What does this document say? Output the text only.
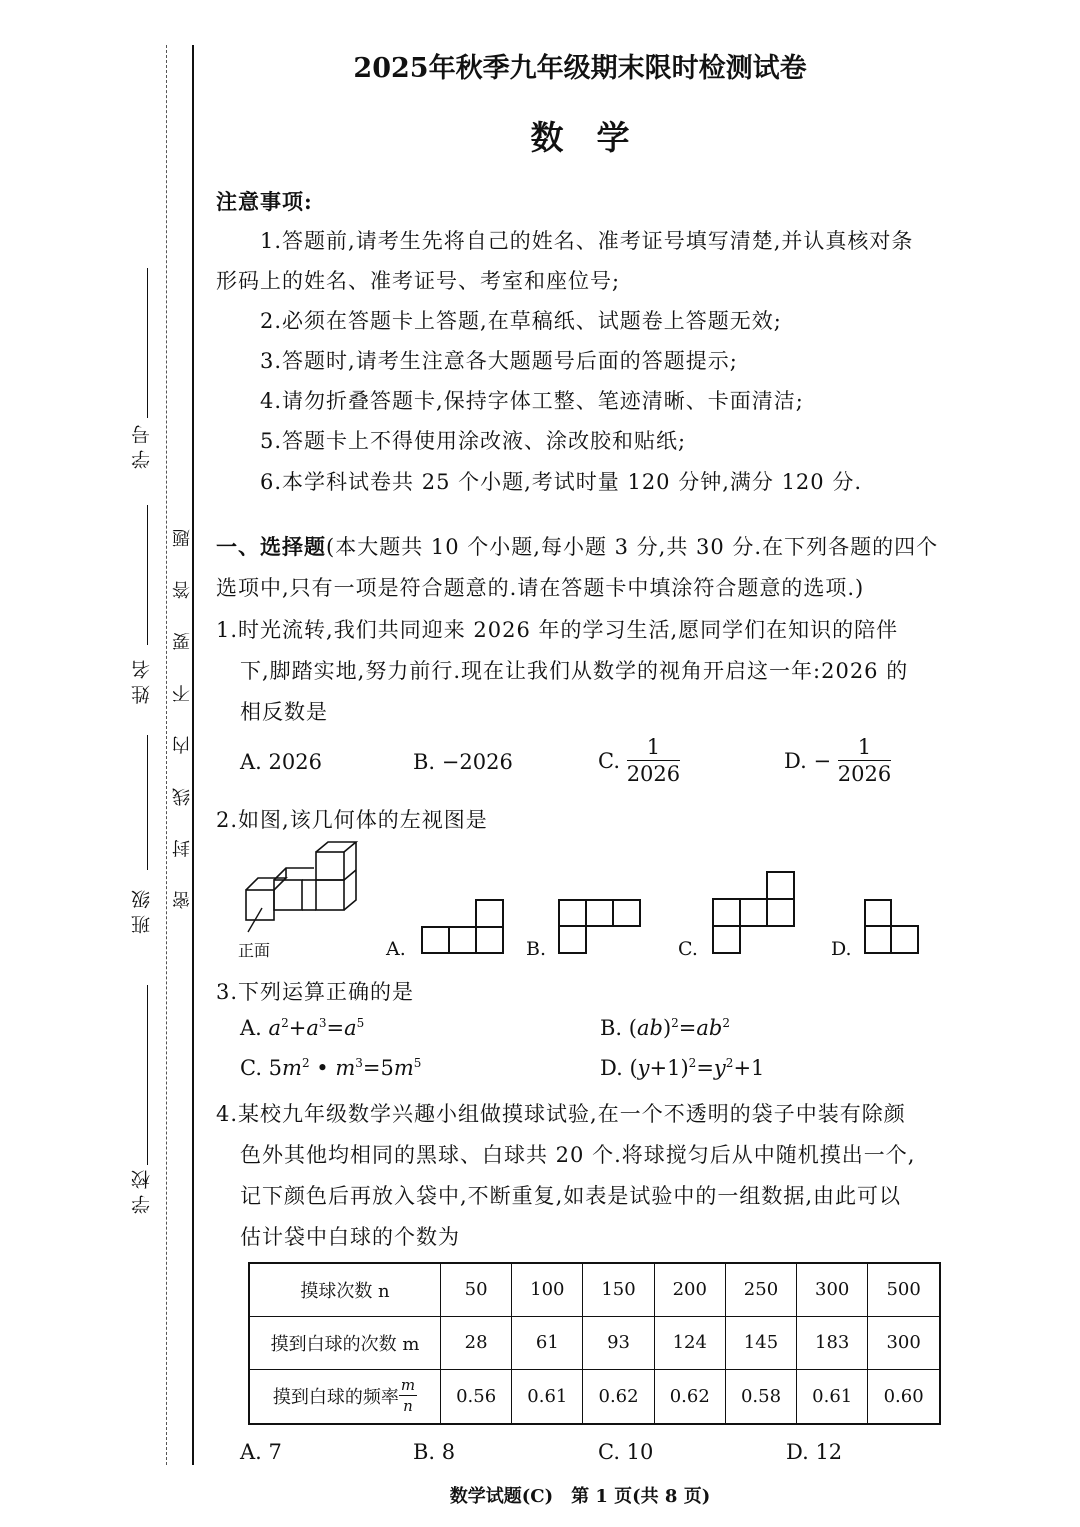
学 号
姓 名
班 级
学 校
密 封 线 内 不 要 答 题
2025年秋季九年级期末限时检测试卷
数　学
注意事项:
1.答题前,请考生先将自己的姓名、准考证号填写清楚,并认真核对条
形码上的姓名、准考证号、考室和座位号;
2.必须在答题卡上答题,在草稿纸、试题卷上答题无效;
3.答题时,请考生注意各大题题号后面的答题提示;
4.请勿折叠答题卡,保持字体工整、笔迹清晰、卡面清洁;
5.答题卡上不得使用涂改液、涂改胶和贴纸;
6.本学科试卷共 25 个小题,考试时量 120 分钟,满分 120 分.
一、选择题(本大题共 10 个小题,每小题 3 分,共 30 分.在下列各题的四个
选项中,只有一项是符合题意的.请在答题卡中填涂符合题意的选项.)
1.时光流转,我们共同迎来 2026 年的学习生活,愿同学们在知识的陪伴
下,脚踏实地,努力前行.现在让我们从数学的视角开启这一年:2026 的
相反数是
A. 2026	B. −2026	C. $\frac{1}{2026}$	D. − $\frac{1}{2026}$
2.如图,该几何体的左视图是
正面	A.	B.	C.	D.
3.下列运算正确的是
A. $a^2+a^3=a^5$	B. $(ab)^2=ab^2$
C. $5m^2$ • $m^3=5m^5$	D. $(y+1)^2=y^2+1$
4.某校九年级数学兴趣小组做摸球试验,在一个不透明的袋子中装有除颜
色外其他均相同的黑球、白球共 20 个.将球搅匀后从中随机摸出一个,
记下颜色后再放入袋中,不断重复,如表是试验中的一组数据,由此可以
估计袋中白球的个数为
摸球次数 n	50	100	150	200	250	300	500
摸到白球的次数 m	28	61	93	124	145	183	300
摸到白球的频率 $\frac{m}{n}$	0.56	0.61	0.62	0.62	0.58	0.61	0.60
A. 7	B. 8	C. 10	D. 12
数学试题(C)　第 1 页(共 8 页)
